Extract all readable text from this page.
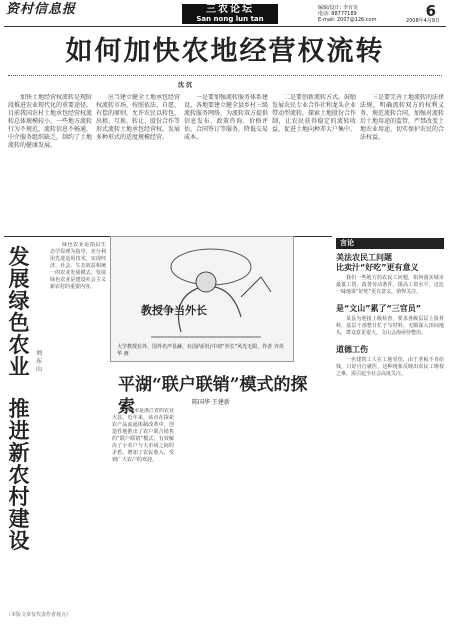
资村信息报	三农论坛
San nong lun tan
编辑/设计: 李有奇
电话: 88777189
E-mail: 2007@126.com	6
2008年4月9日
如何加快农地经营权流转
沈 沉

加快土地经营权流转是现阶段推进农业现代化的重要途径。目前我国农村土地承包经营权流转总体规模较小，一些地方流转行为不规范，流转信息不畅通，中介服务组织缺乏，制约了土地流转的健康发展。

应当建立健全土地承包经营权流转市场，按照依法、自愿、有偿的原则，允许农民以转包、出租、互换、转让、股份合作等形式流转土地承包经营权，发展多种形式的适度规模经营。

一是要加强流转服务体系建设。各地要建立健全县乡村三级流转服务网络，为流转双方提供信息发布、政策咨询、价格评估、合同签订等服务，降低交易成本。

二是要创新流转方式。鼓励发展农民专业合作社和龙头企业带动型流转，探索土地股份合作制，让农民获得稳定的流转收益，促进土地向种养大户集中。

三是要完善土地流转的法律法规，明确流转双方的权利义务，规范流转合同，加强对流转后土地用途的监管，严禁改变土地农业用途，切实保护农民的合法权益。

发展绿色农业
推进新农村建设
刘东山

绿色农业是指以生态学原理为指导，充分利用先进适用技术，实现经济、社会、生态效益相统一的农业发展模式。发展绿色农业是建设社会主义新农村的重要内容。

教授争当外长
大学教授在外，国外名声显赫，在国内同行中却“外长”风光无限。作者 齐英华 画
平湖“联户联销”模式的探索	陈国华 王建新

平湖市是浙江省的农业大县。近年来，该市在探索农产品流通体制改革中，创造性地推出了农户联合销售的“联户联销”模式，有效解决了小农户与大市场之间的矛盾，增加了农民收入，受到广大农户的欢迎。

言论
美法农民工问题
比卖汁“好吃”更有意义

我们一些地方的农民工问题，如何落实城市最低工资，改善劳动条件，提高工资水平，这比一味地讲“好吃”更有意义，值得关注。

是“文山”累了“三官员”

某县为迎接上级检查，要求各级层层上报材料，基层干部整日忙于写材料，无暇深入田间地头，群众意见很大，文山会海亟待整治。

道德工伤

一名建筑工人在工地受伤，由于老板不肯给钱，只好自行就医，这种现象反映出农民工维权之难，需引起全社会高度关注。

（本版文章仅代表作者观点）
